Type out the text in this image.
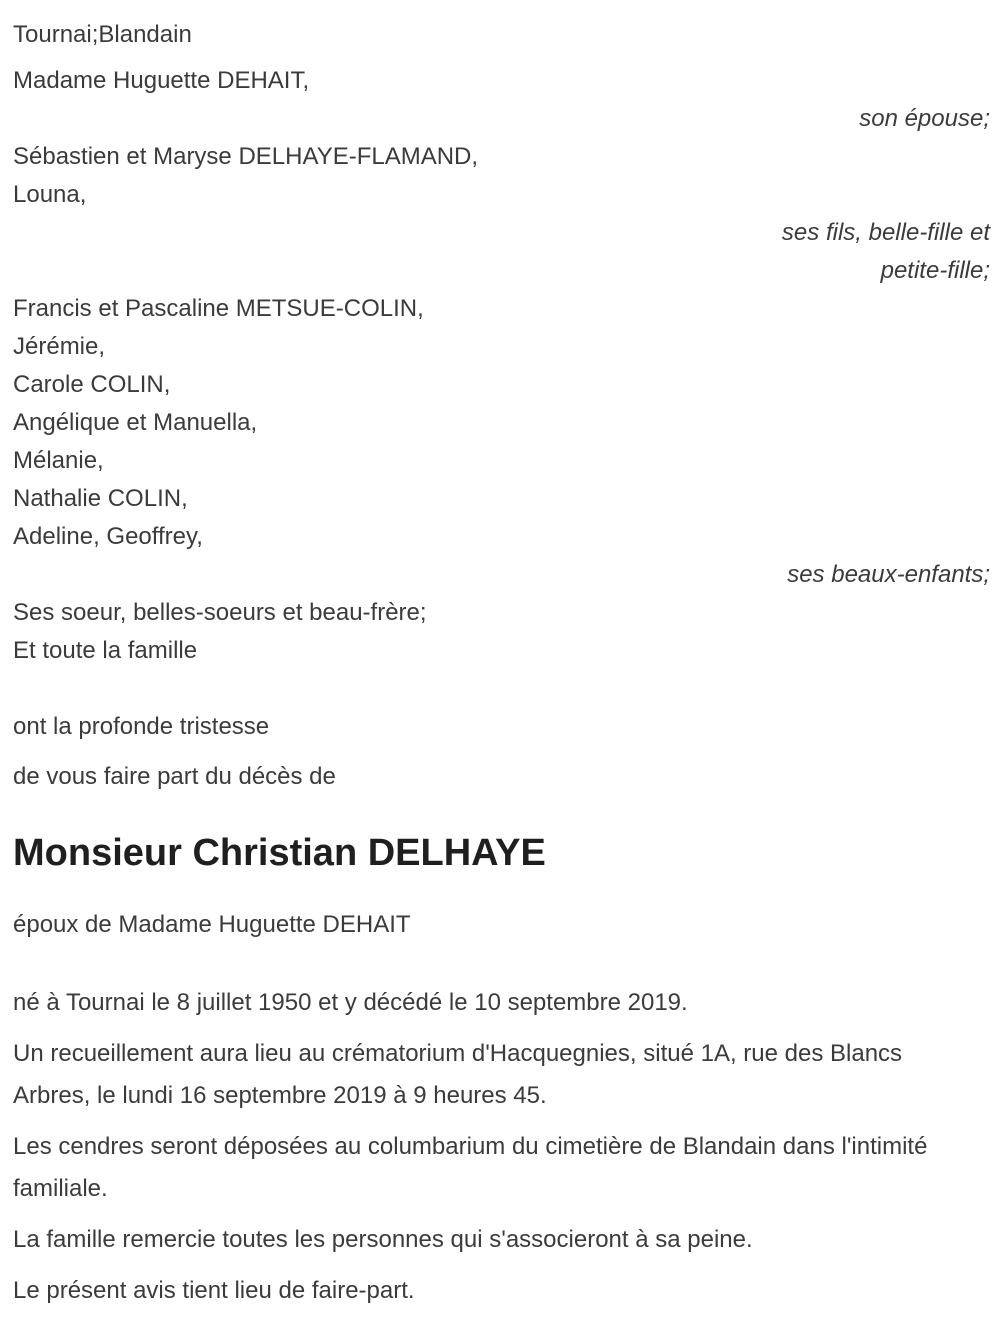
Tournai;Blandain
Madame Huguette DEHAIT,
son épouse;
Sébastien et Maryse DELHAYE-FLAMAND,
Louna,
ses fils, belle-fille et
petite-fille;
Francis et Pascaline METSUE-COLIN,
Jérémie,
Carole COLIN,
Angélique et Manuella,
Mélanie,
Nathalie COLIN,
Adeline, Geoffrey,
ses beaux-enfants;
Ses soeur, belles-soeurs et beau-frère;
Et toute la famille
ont la profonde tristesse
de vous faire part du décès de
Monsieur Christian DELHAYE
époux de Madame Huguette DEHAIT
né à Tournai le 8 juillet 1950 et y décédé le 10 septembre 2019.
Un recueillement aura lieu au crématorium d'Hacquegnies, situé 1A, rue des Blancs Arbres, le lundi 16 septembre 2019 à 9 heures 45.
Les cendres seront déposées au columbarium du cimetière de Blandain dans l'intimité familiale.
La famille remercie toutes les personnes qui s'associeront à sa peine.
Le présent avis tient lieu de faire-part.
